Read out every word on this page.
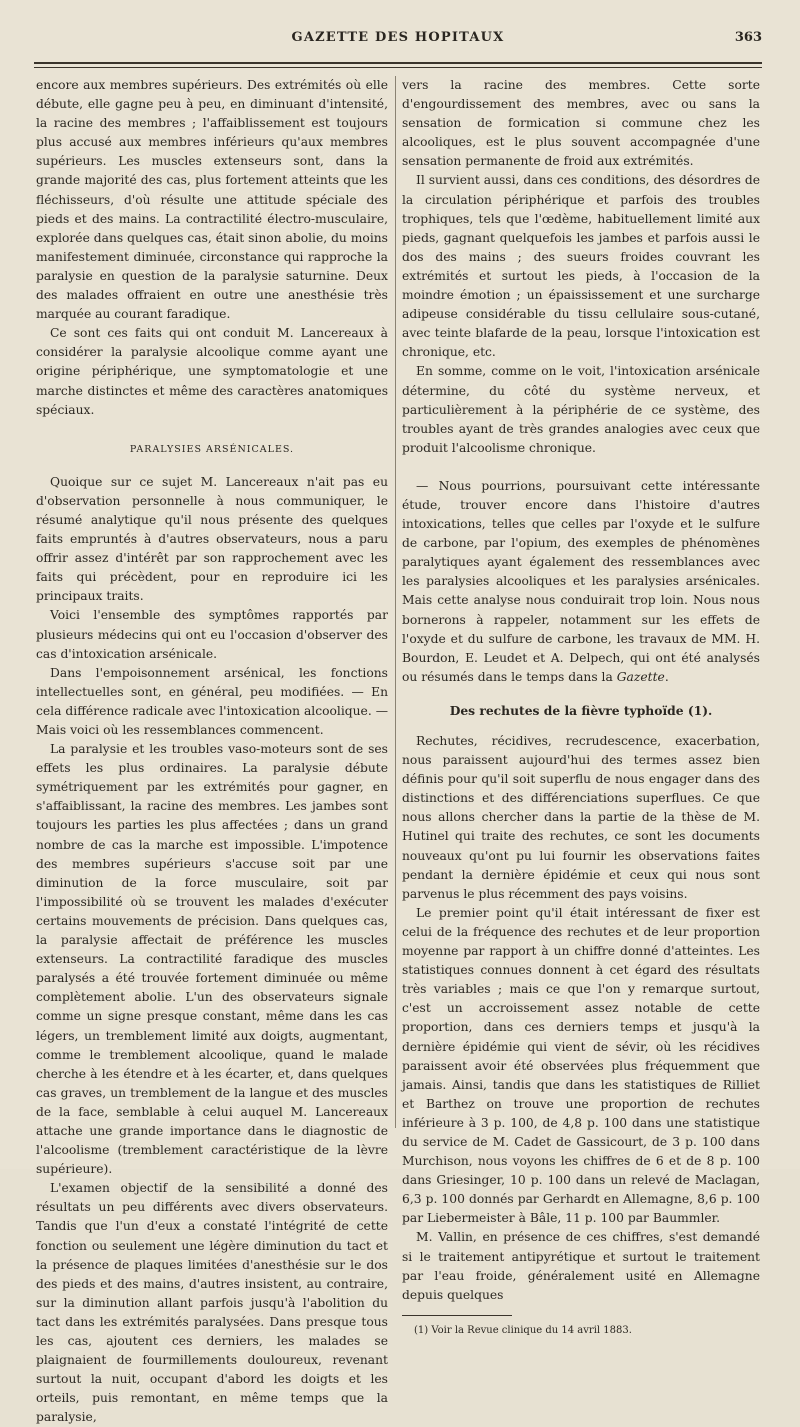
GAZETTE DES HOPITAUX	363

encore aux membres supérieurs. Des extrémités où elle débute, elle gagne peu à peu, en diminuant d'intensité, la racine des membres ; l'affaiblissement est toujours plus accusé aux membres inférieurs qu'aux membres supérieurs. Les muscles extenseurs sont, dans la grande majorité des cas, plus fortement atteints que les fléchisseurs, d'où résulte une attitude spéciale des pieds et des mains. La contractilité électro-musculaire, explorée dans quelques cas, était sinon abolie, du moins manifestement diminuée, circonstance qui rapproche la paralysie en question de la paralysie saturnine. Deux des malades offraient en outre une anesthésie très marquée au courant faradique.

Ce sont ces faits qui ont conduit M. Lancereaux à considérer la paralysie alcoolique comme ayant une origine périphérique, une symptomatologie et une marche distinctes et même des caractères anatomiques spéciaux.

PARALYSIES ARSÉNICALES.

Quoique sur ce sujet M. Lancereaux n'ait pas eu d'observation personnelle à nous communiquer, le résumé analytique qu'il nous présente des quelques faits empruntés à d'autres observateurs, nous a paru offrir assez d'intérêt par son rapprochement avec les faits qui précèdent, pour en reproduire ici les principaux traits.

Voici l'ensemble des symptômes rapportés par plusieurs médecins qui ont eu l'occasion d'observer des cas d'intoxication arsénicale.

Dans l'empoisonnement arsénical, les fonctions intellectuelles sont, en général, peu modifiées. — En cela différence radicale avec l'intoxication alcoolique. — Mais voici où les ressemblances commencent.

La paralysie et les troubles vaso-moteurs sont de ses effets les plus ordinaires. La paralysie débute symétriquement par les extrémités pour gagner, en s'affaiblissant, la racine des membres. Les jambes sont toujours les parties les plus affectées ; dans un grand nombre de cas la marche est impossible. L'impotence des membres supérieurs s'accuse soit par une diminution de la force musculaire, soit par l'impossibilité où se trouvent les malades d'exécuter certains mouvements de précision. Dans quelques cas, la paralysie affectait de préférence les muscles extenseurs. La contractilité faradique des muscles paralysés a été trouvée fortement diminuée ou même complètement abolie. L'un des observateurs signale comme un signe presque constant, même dans les cas légers, un tremblement limité aux doigts, augmentant, comme le tremblement alcoolique, quand le malade cherche à les étendre et à les écarter, et, dans quelques cas graves, un tremblement de la langue et des muscles de la face, semblable à celui auquel M. Lancereaux attache une grande importance dans le diagnostic de l'alcoolisme (tremblement caractéristique de la lèvre supérieure).

L'examen objectif de la sensibilité a donné des résultats un peu différents avec divers observateurs. Tandis que l'un d'eux a constaté l'intégrité de cette fonction ou seulement une légère diminution du tact et la présence de plaques limitées d'anesthésie sur le dos des pieds et des mains, d'autres insistent, au contraire, sur la diminution allant parfois jusqu'à l'abolition du tact dans les extrémités paralysées. Dans presque tous les cas, ajoutent ces derniers, les malades se plaignaient de fourmillements douloureux, revenant surtout la nuit, occupant d'abord les doigts et les orteils, puis remontant, en même temps que la paralysie,

vers la racine des membres. Cette sorte d'engourdissement des membres, avec ou sans la sensation de formication si commune chez les alcooliques, est le plus souvent accompagnée d'une sensation permanente de froid aux extrémités.

Il survient aussi, dans ces conditions, des désordres de la circulation périphérique et parfois des troubles trophiques, tels que l'œdème, habituellement limité aux pieds, gagnant quelquefois les jambes et parfois aussi le dos des mains ; des sueurs froides couvrant les extrémités et surtout les pieds, à l'occasion de la moindre émotion ; un épaississement et une surcharge adipeuse considérable du tissu cellulaire sous-cutané, avec teinte blafarde de la peau, lorsque l'intoxication est chronique, etc.

En somme, comme on le voit, l'intoxication arsénicale détermine, du côté du système nerveux, et particulièrement à la périphérie de ce système, des troubles ayant de très grandes analogies avec ceux que produit l'alcoolisme chronique.

— Nous pourrions, poursuivant cette intéressante étude, trouver encore dans l'histoire d'autres intoxications, telles que celles par l'oxyde et le sulfure de carbone, par l'opium, des exemples de phénomènes paralytiques ayant également des ressemblances avec les paralysies alcooliques et les paralysies arsénicales. Mais cette analyse nous conduirait trop loin. Nous nous bornerons à rappeler, notamment sur les effets de l'oxyde et du sulfure de carbone, les travaux de MM. H. Bourdon, E. Leudet et A. Delpech, qui ont été analysés ou résumés dans le temps dans la Gazette.

Des rechutes de la fièvre typhoïde (1).

Rechutes, récidives, recrudescence, exacerbation, nous paraissent aujourd'hui des termes assez bien définis pour qu'il soit superflu de nous engager dans des distinctions et des différenciations superflues. Ce que nous allons chercher dans la partie de la thèse de M. Hutinel qui traite des rechutes, ce sont les documents nouveaux qu'ont pu lui fournir les observations faites pendant la dernière épidémie et ceux qui nous sont parvenus le plus récemment des pays voisins.

Le premier point qu'il était intéressant de fixer est celui de la fréquence des rechutes et de leur proportion moyenne par rapport à un chiffre donné d'atteintes. Les statistiques connues donnent à cet égard des résultats très variables ; mais ce que l'on y remarque surtout, c'est un accroissement assez notable de cette proportion, dans ces derniers temps et jusqu'à la dernière épidémie qui vient de sévir, où les récidives paraissent avoir été observées plus fréquemment que jamais. Ainsi, tandis que dans les statistiques de Rilliet et Barthez on trouve une proportion de rechutes inférieure à 3 p. 100, de 4,8 p. 100 dans une statistique du service de M. Cadet de Gassicourt, de 3 p. 100 dans Murchison, nous voyons les chiffres de 6 et de 8 p. 100 dans Griesinger, 10 p. 100 dans un relevé de Maclagan, 6,3 p. 100 donnés par Gerhardt en Allemagne, 8,6 p. 100 par Liebermeister à Bâle, 11 p. 100 par Baummler.

M. Vallin, en présence de ces chiffres, s'est demandé si le traitement antipyrétique et surtout le traitement par l'eau froide, généralement usité en Allemagne depuis quelques

(1) Voir la Revue clinique du 14 avril 1883.
